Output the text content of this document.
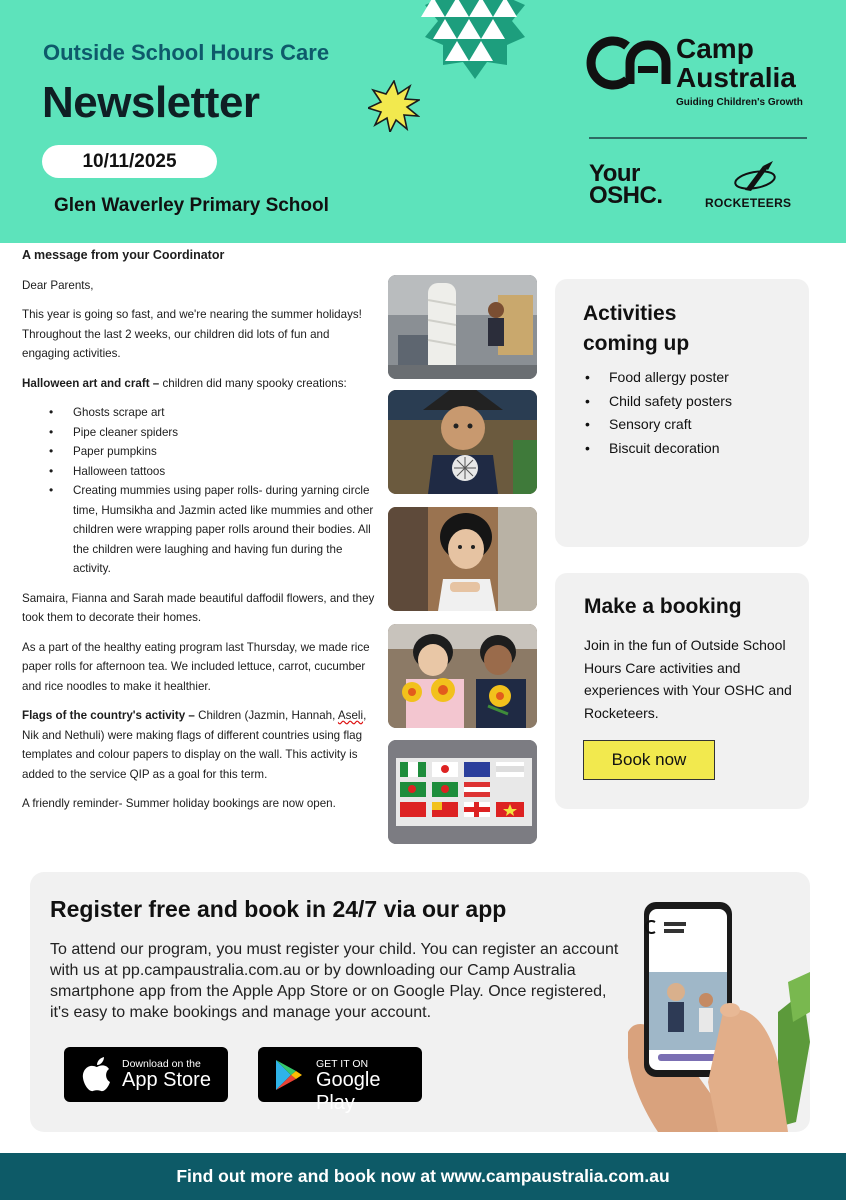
Outside School Hours Care
Newsletter
10/11/2025
Glen Waverley Primary School
Camp
Australia
Guiding Children's Growth
Your
OSHC.	ROCKETEERS
A message from your Coordinator

Dear Parents,

This year is going so fast, and we're nearing the summer holidays! Throughout the last 2 weeks, our children did lots of fun and engaging activities.

Halloween art and craft – children did many spooky creations:

• Ghosts scrape art
• Pipe cleaner spiders
• Paper pumpkins
• Halloween tattoos
• Creating mummies using paper rolls- during yarning circle time, Humsikha and Jazmin acted like mummies and other children were wrapping paper rolls around their bodies. All the children were laughing and having fun during the activity.

Samaira, Fianna and Sarah made beautiful daffodil flowers, and they took them to decorate their homes.

As a part of the healthy eating program last Thursday, we made rice paper rolls for afternoon tea. We included lettuce, carrot, cucumber and rice noodles to make it healthier.

Flags of the country's activity – Children (Jazmin, Hannah, Aseli, Nik and Nethuli) were making flags of different countries using flag templates and colour papers to display on the wall. This activity is added to the service QIP as a goal for this term.

A friendly reminder- Summer holiday bookings are now open.

Activities
coming up
• Food allergy poster
• Child safety posters
• Sensory craft
• Biscuit decoration
Make a booking
Join in the fun of Outside School Hours Care activities and experiences with Your OSHC and Rocketeers.
Book now
Register free and book in 24/7 via our app
To attend our program, you must register your child. You can register an account with us at pp.campaustralia.com.au or by downloading our Camp Australia smartphone app from the Apple App Store or on Google Play. Once registered, it's easy to make bookings and manage your account.
Download on the
App Store
GET IT ON
Google Play
Find out more and book now at www.campaustralia.com.au
